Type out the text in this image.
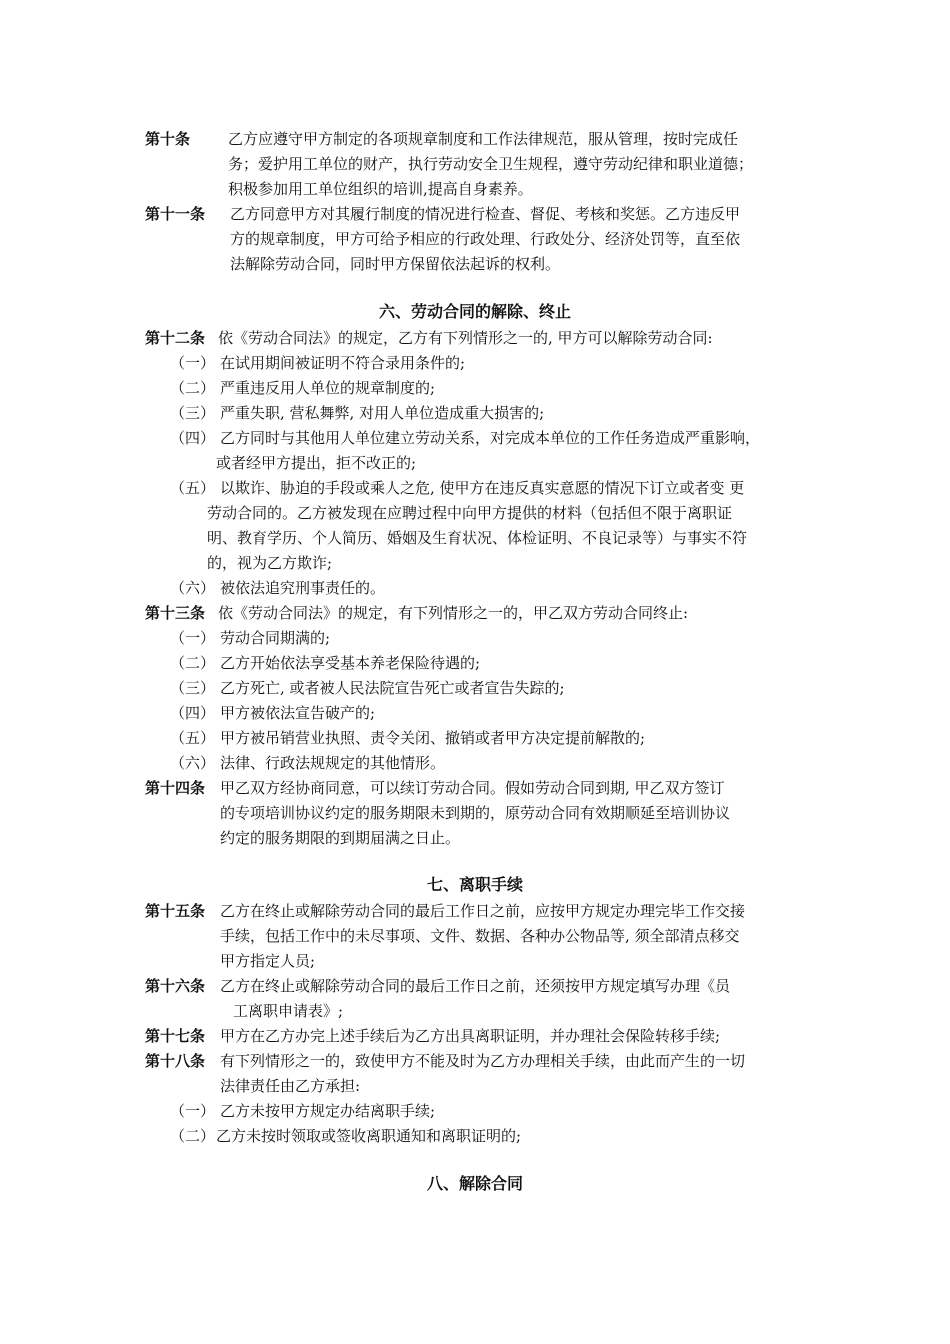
第十条	乙方应遵守甲方制定的各项规章制度和工作法律规范，服从管理，按时完成任
务；爱护用工单位的财产，执行劳动安全卫生规程，遵守劳动纪律和职业道德；
积极参加用工单位组织的培训,提高自身素养。
第十一条 乙方同意甲方对其履行制度的情况进行检查、督促、考核和奖惩。乙方违反甲
方的规章制度，甲方可给予相应的行政处理、行政处分、经济处罚等，直至依
法解除劳动合同，同时甲方保留依法起诉的权利。
六、劳动合同的解除、终止
第十二条 依《劳动合同法》的规定，乙方有下列情形之一的, 甲方可以解除劳动合同:
（一） 在试用期间被证明不符合录用条件的;
（二） 严重违反用人单位的规章制度的;
（三） 严重失职, 营私舞弊, 对用人单位造成重大损害的;
（四） 乙方同时与其他用人单位建立劳动关系，对完成本单位的工作任务造成严重影响，
或者经甲方提出，拒不改正的;
（五） 以欺诈、胁迫的手段或乘人之危, 使甲方在违反真实意愿的情况下订立或者变 更
劳动合同的。乙方被发现在应聘过程中向甲方提供的材料（包括但不限于离职证
明、教育学历、个人简历、婚姻及生育状况、体检证明、不良记录等）与事实不符
的，视为乙方欺诈;
（六） 被依法追究刑事责任的。
第十三条 依《劳动合同法》的规定，有下列情形之一的，甲乙双方劳动合同终止:
（一） 劳动合同期满的;
（二） 乙方开始依法享受基本养老保险待遇的;
（三） 乙方死亡, 或者被人民法院宣告死亡或者宣告失踪的;
（四） 甲方被依法宣告破产的;
（五） 甲方被吊销营业执照、责令关闭、撤销或者甲方决定提前解散的;
（六） 法律、行政法规规定的其他情形。
第十四条 甲乙双方经协商同意，可以续订劳动合同。假如劳动合同到期, 甲乙双方签订
的专项培训协议约定的服务期限未到期的，原劳动合同有效期顺延至培训协议
约定的服务期限的到期届满之日止。
七、离职手续
第十五条 乙方在终止或解除劳动合同的最后工作日之前，应按甲方规定办理完毕工作交接
手续，包括工作中的未尽事项、文件、数据、各种办公物品等, 须全部清点移交
甲方指定人员;
第十六条 乙方在终止或解除劳动合同的最后工作日之前，还须按甲方规定填写办理《员
工离职申请表》;
第十七条 甲方在乙方办完上述手续后为乙方出具离职证明，并办理社会保险转移手续;
第十八条 有下列情形之一的，致使甲方不能及时为乙方办理相关手续，由此而产生的一切
法律责任由乙方承担:
（一） 乙方未按甲方规定办结离职手续;
（二） 乙方未按时领取或签收离职通知和离职证明的;
八、解除合同
